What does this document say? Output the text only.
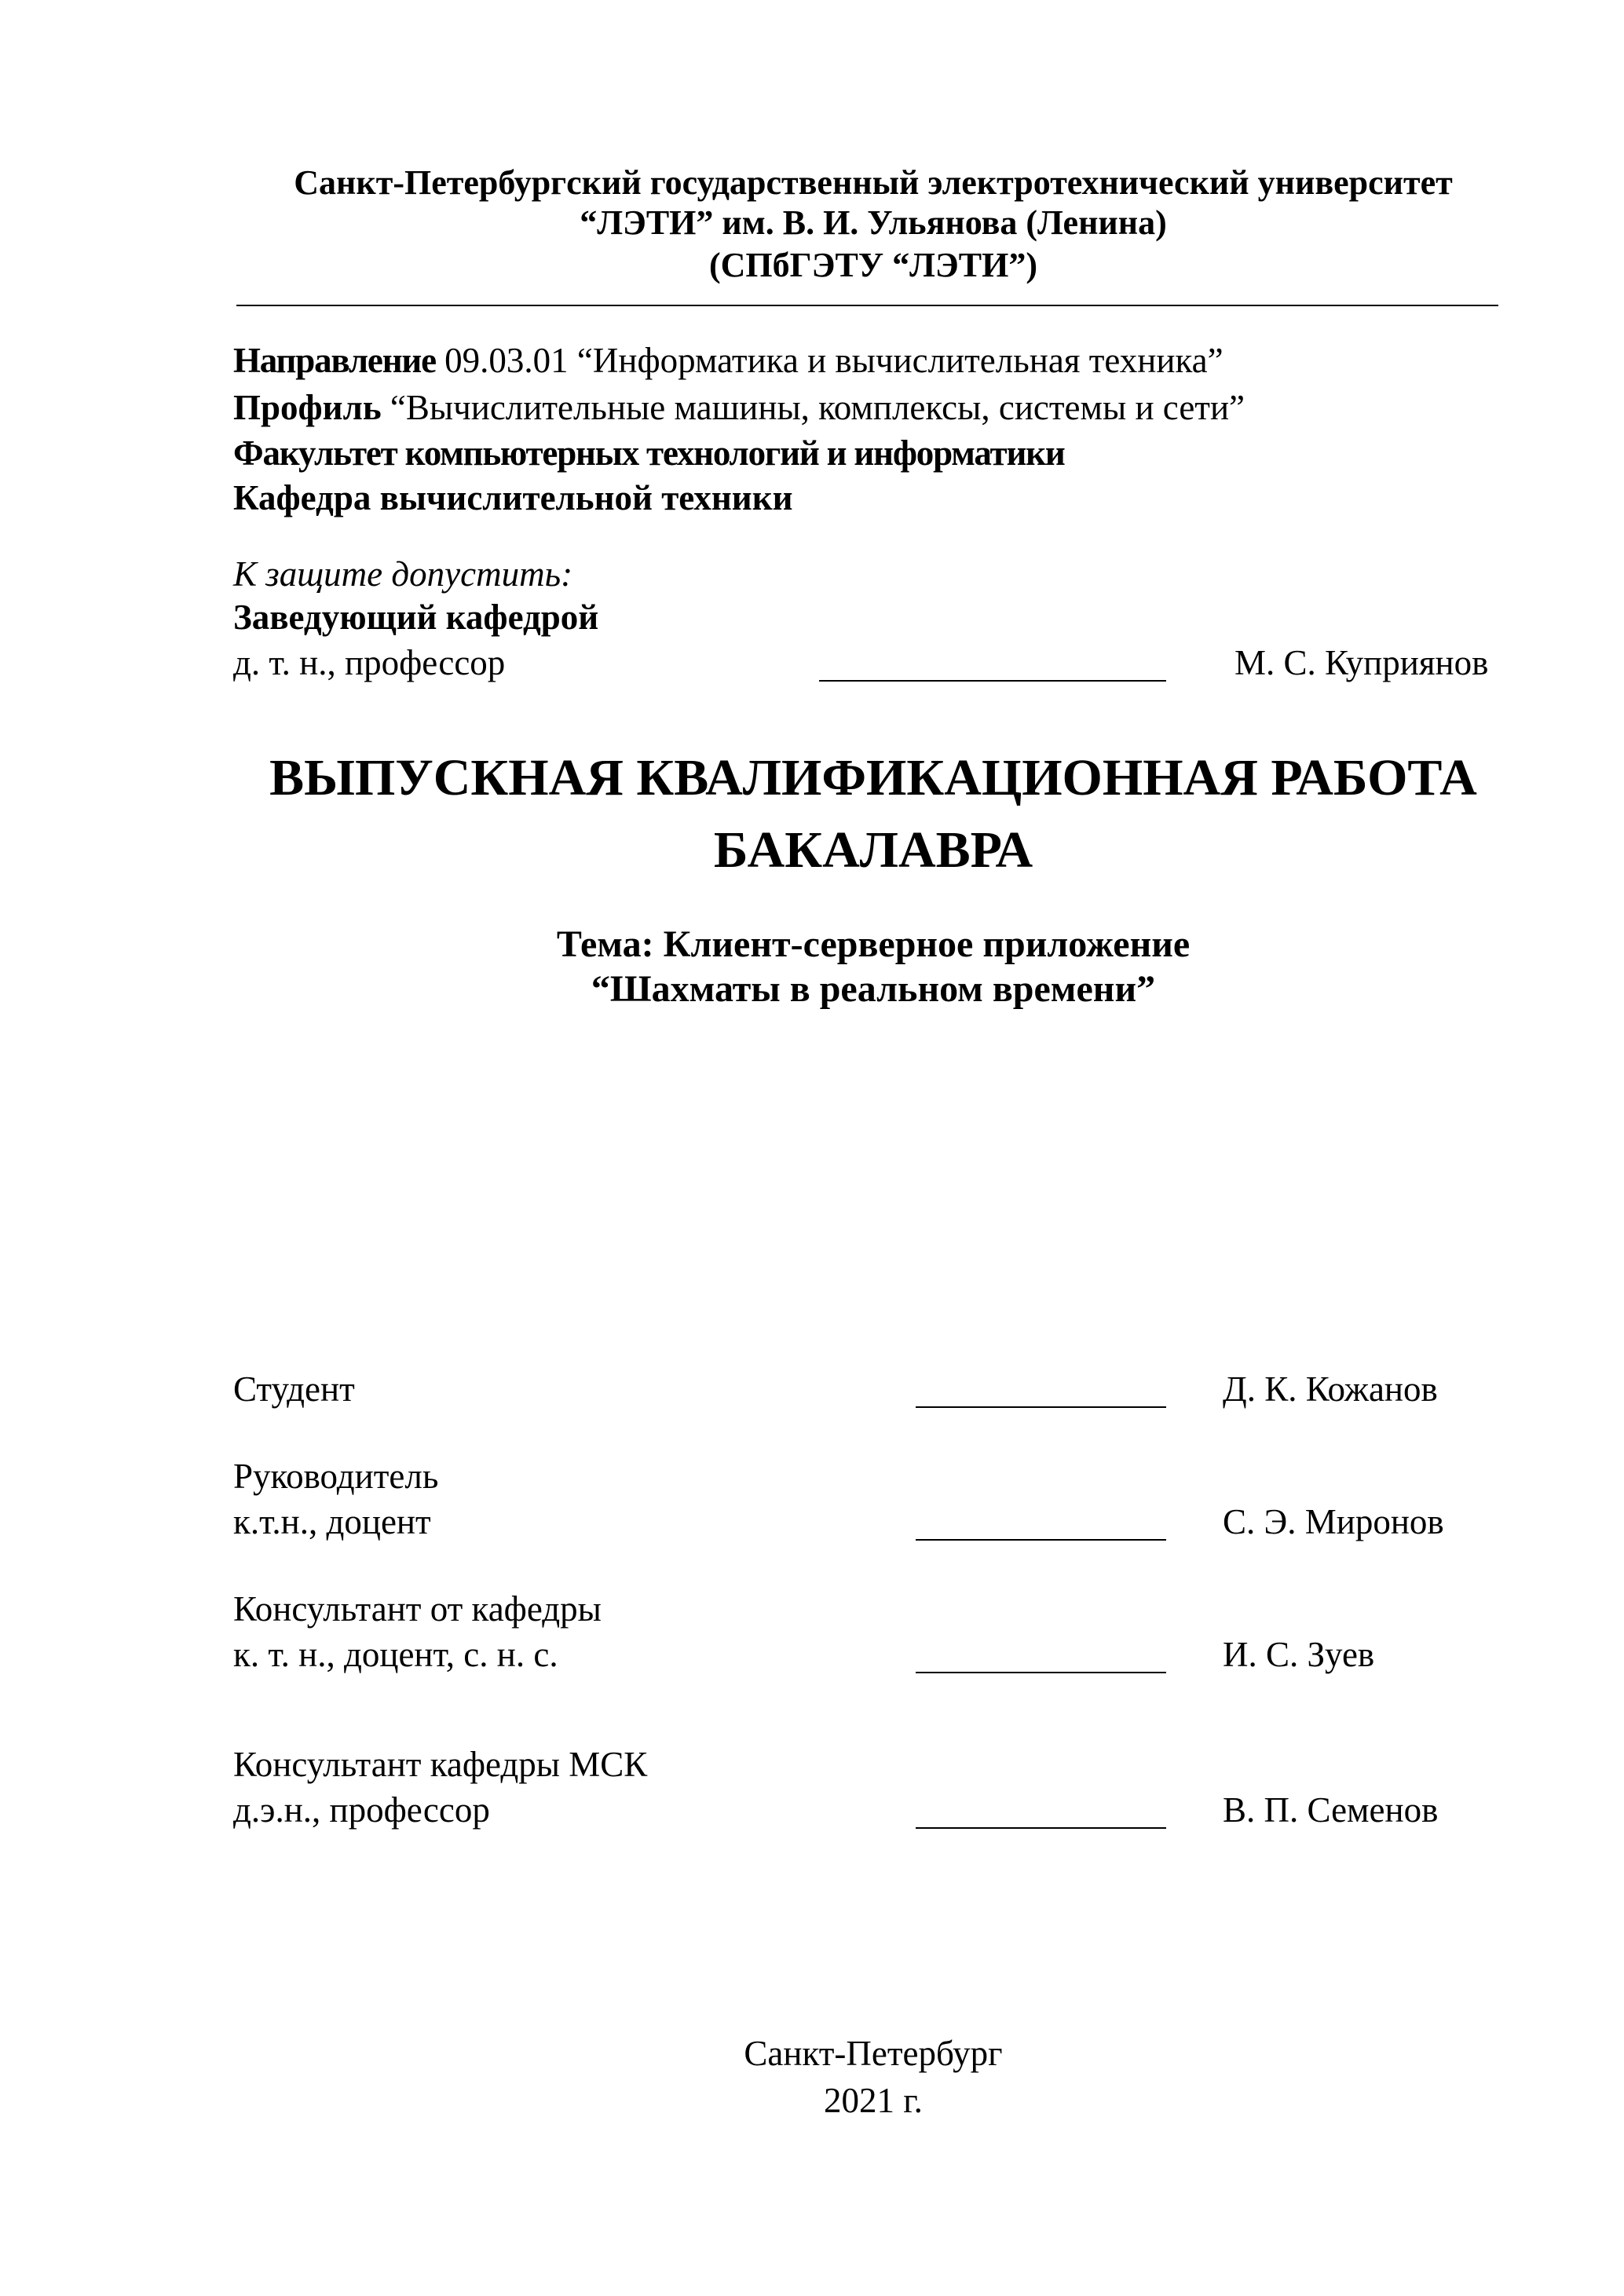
Санкт-Петербургский государственный электротехнический университет
“ЛЭТИ” им. В. И. Ульянова (Ленина)
(СПбГЭТУ “ЛЭТИ”)
Направление 09.03.01 “Информатика и вычислительная техника”
Профиль “Вычислительные машины, комплексы, системы и сети”
Факультет компьютерных технологий и информатики
Кафедра вычислительной техники
К защите допустить:
Заведующий кафедрой
д. т. н., профессор	М. С. Куприянов
ВЫПУСКНАЯ КВАЛИФИКАЦИОННАЯ РАБОТА
БАКАЛАВРА
Тема: Клиент-серверное приложение
“Шахматы в реальном времени”
Студент	Д. К. Кожанов
Руководитель
к.т.н., доцент	С. Э. Миронов
Консультант от кафедры
к. т. н., доцент, с. н. с.	И. С. Зуев
Консультант кафедры МСК
д.э.н., профессор	В. П. Семенов
Санкт-Петербург
2021 г.
